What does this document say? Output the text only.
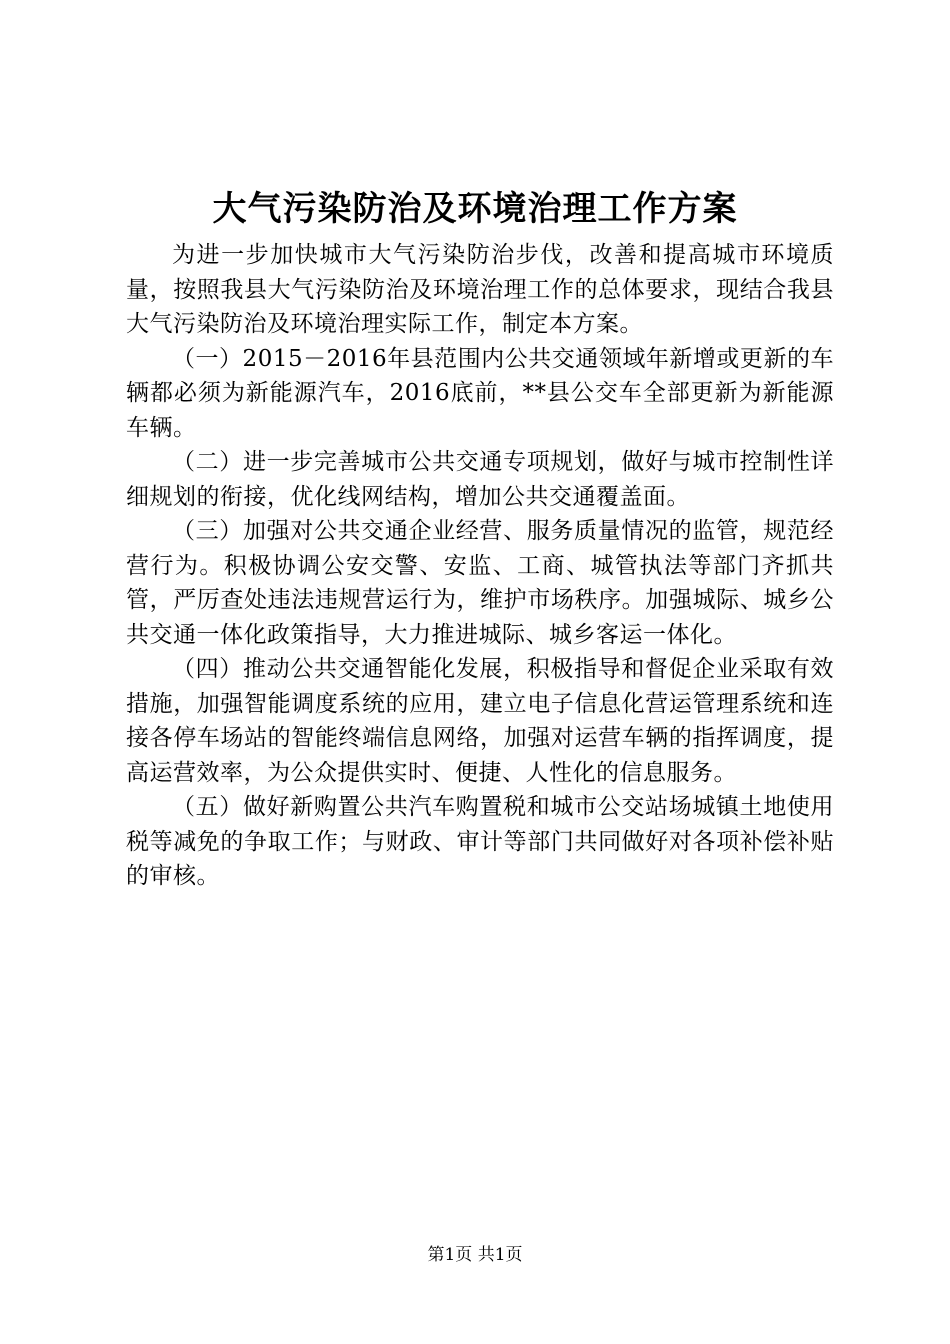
大气污染防治及环境治理工作方案

为进一步加快城市大气污染防治步伐，改善和提高城市环境质量，按照我县大气污染防治及环境治理工作的总体要求，现结合我县大气污染防治及环境治理实际工作，制定本方案。

（一）2015－2016年县范围内公共交通领域年新增或更新的车辆都必须为新能源汽车，2016底前，**县公交车全部更新为新能源车辆。

（二）进一步完善城市公共交通专项规划，做好与城市控制性详细规划的衔接，优化线网结构，增加公共交通覆盖面。

（三）加强对公共交通企业经营、服务质量情况的监管，规范经营行为。积极协调公安交警、安监、工商、城管执法等部门齐抓共管，严厉查处违法违规营运行为，维护市场秩序。加强城际、城乡公共交通一体化政策指导，大力推进城际、城乡客运一体化。

（四）推动公共交通智能化发展，积极指导和督促企业采取有效措施，加强智能调度系统的应用，建立电子信息化营运管理系统和连接各停车场站的智能终端信息网络，加强对运营车辆的指挥调度，提高运营效率，为公众提供实时、便捷、人性化的信息服务。

（五）做好新购置公共汽车购置税和城市公交站场城镇土地使用税等减免的争取工作；与财政、审计等部门共同做好对各项补偿补贴的审核。

第1页 共1页
